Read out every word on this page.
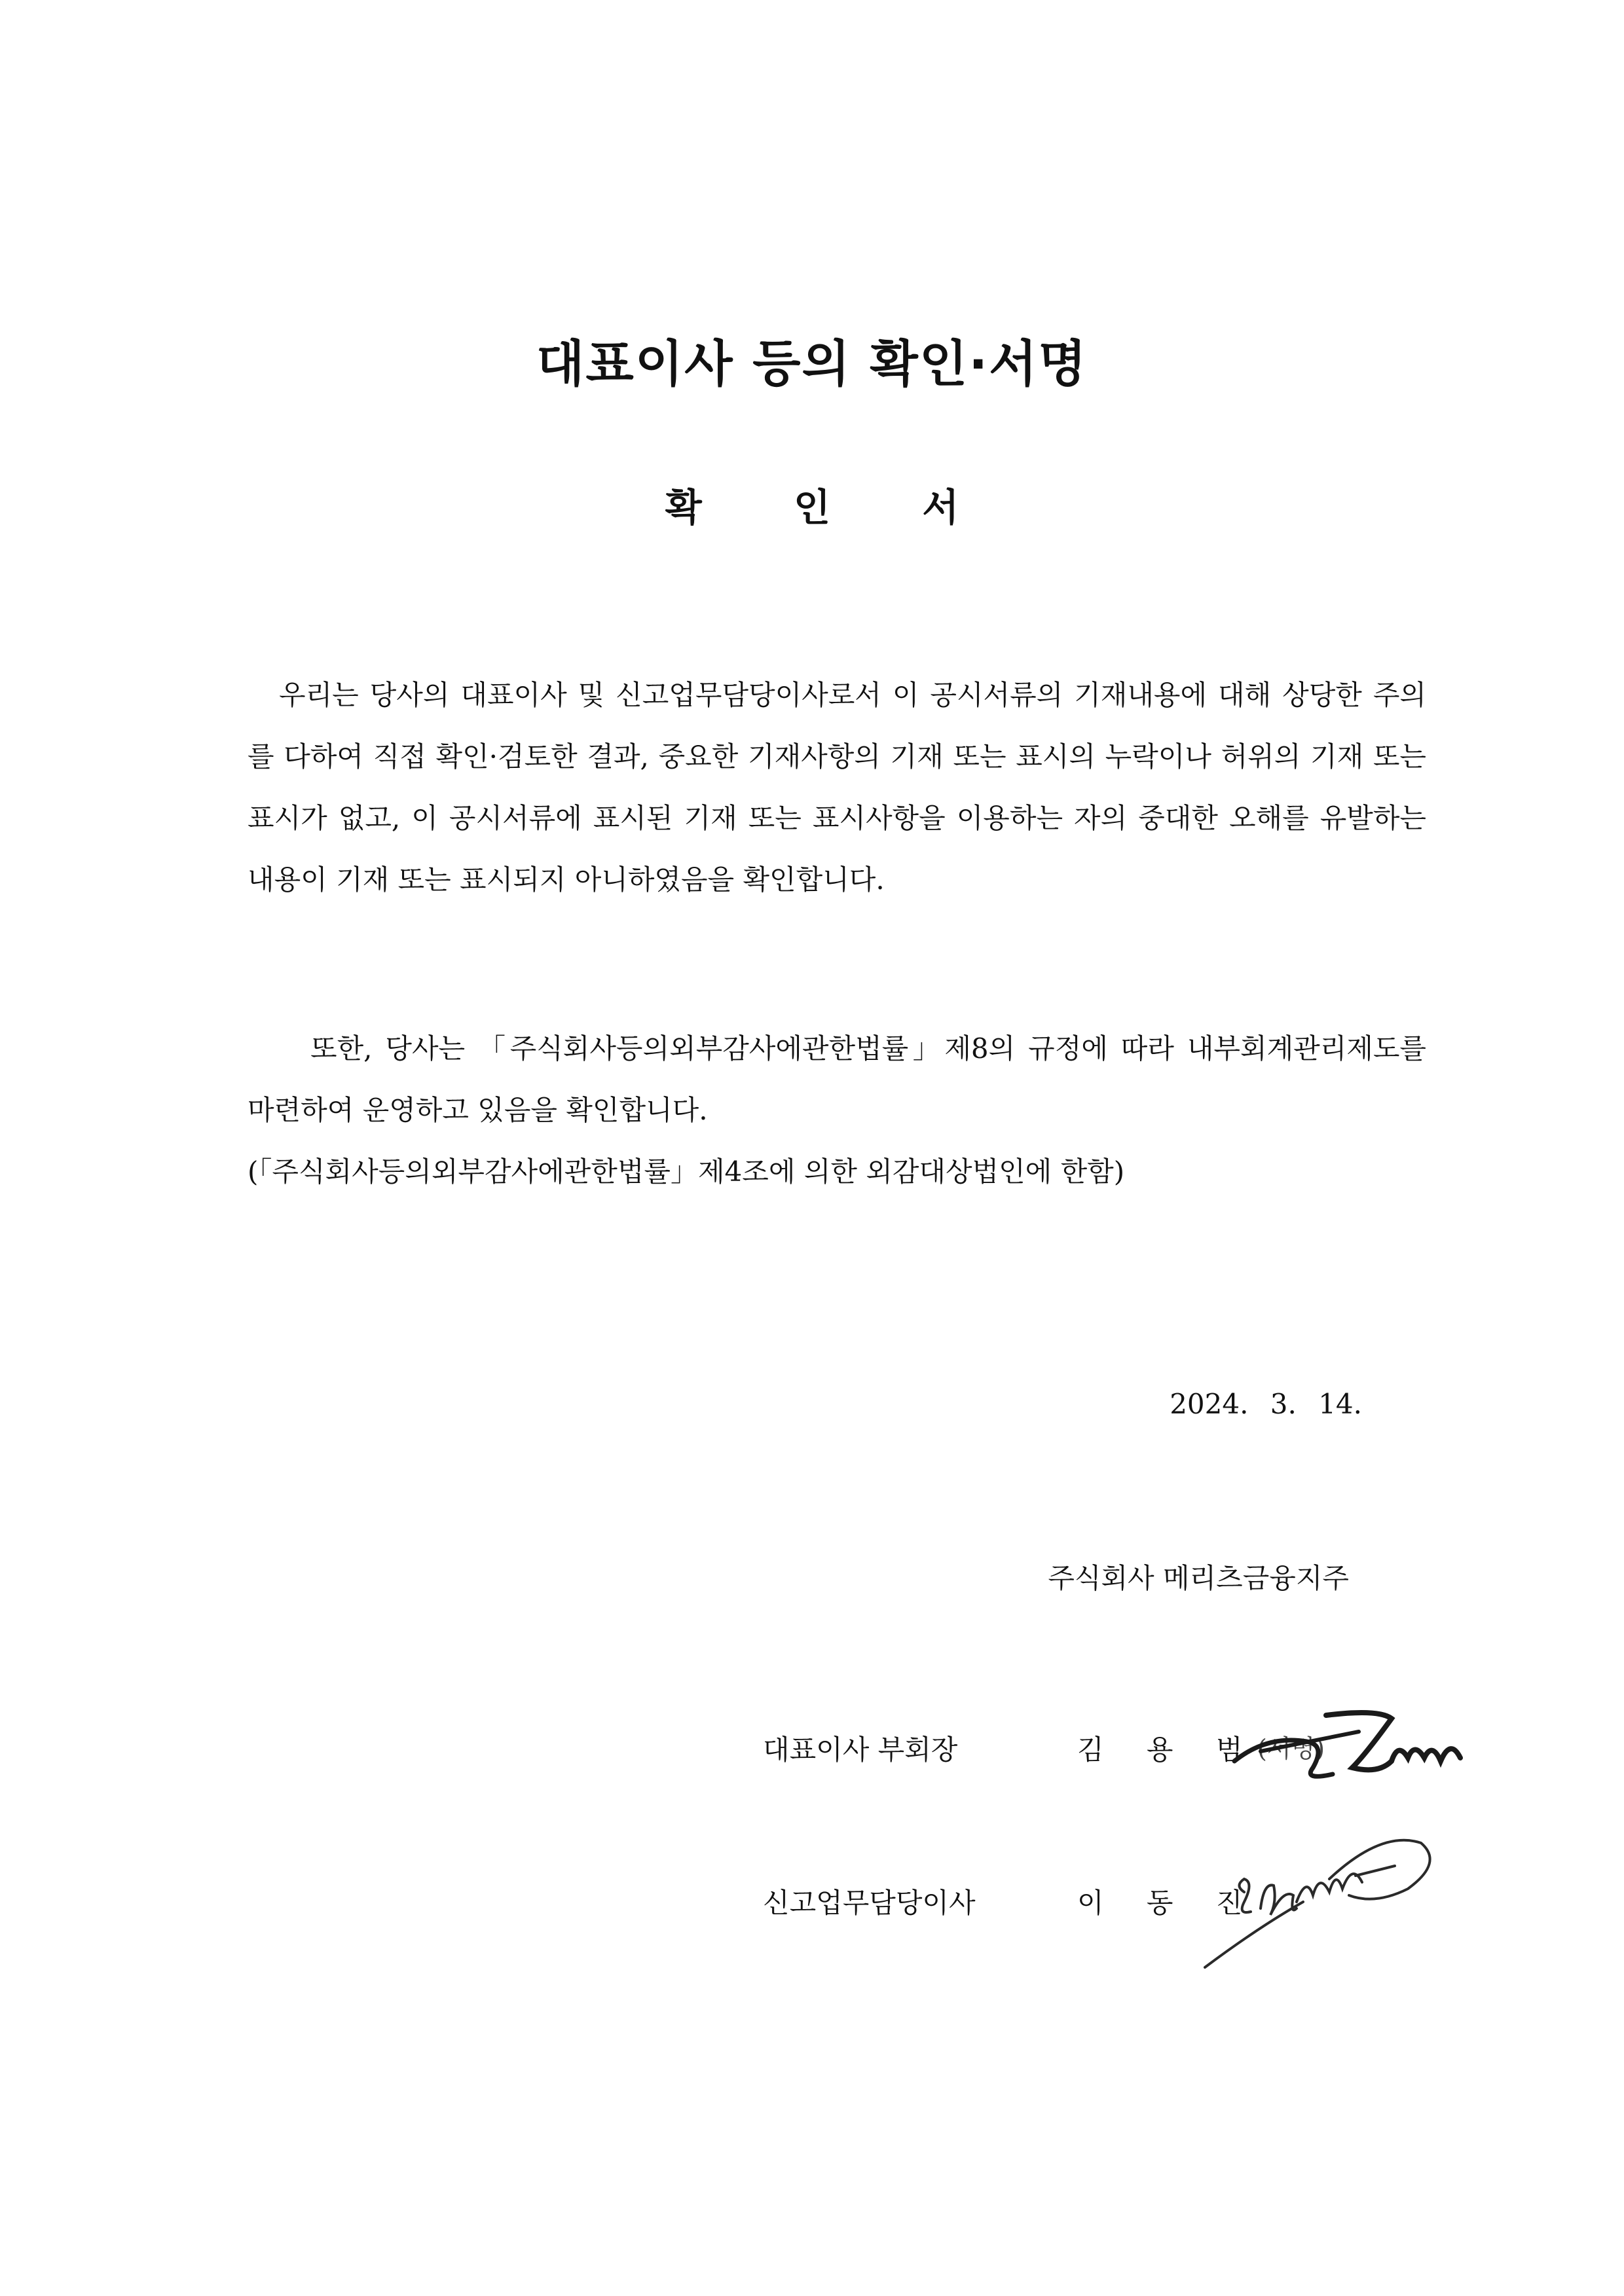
대표이사 등의 확인·서명
확 인 서
우리는 당사의 대표이사 및 신고업무담당이사로서 이 공시서류의 기재내용에 대해 상당한 주의를 다하여 직접 확인·검토한 결과, 중요한 기재사항의 기재 또는 표시의 누락이나 허위의 기재 또는 표시가 없고, 이 공시서류에 표시된 기재 또는 표시사항을 이용하는 자의 중대한 오해를 유발하는 내용이 기재 또는 표시되지 아니하였음을 확인합니다.
또한, 당사는 「주식회사등의외부감사에관한법률」제8의 규정에 따라 내부회계관리제도를 마련하여 운영하고 있음을 확인합니다.
(「주식회사등의외부감사에관한법률」제4조에 의한 외감대상법인에 한함)
2024. 3. 14.
주식회사 메리츠금융지주
대표이사 부회장	김 용 범
(서명)
신고업무담당이사	이 동 진
